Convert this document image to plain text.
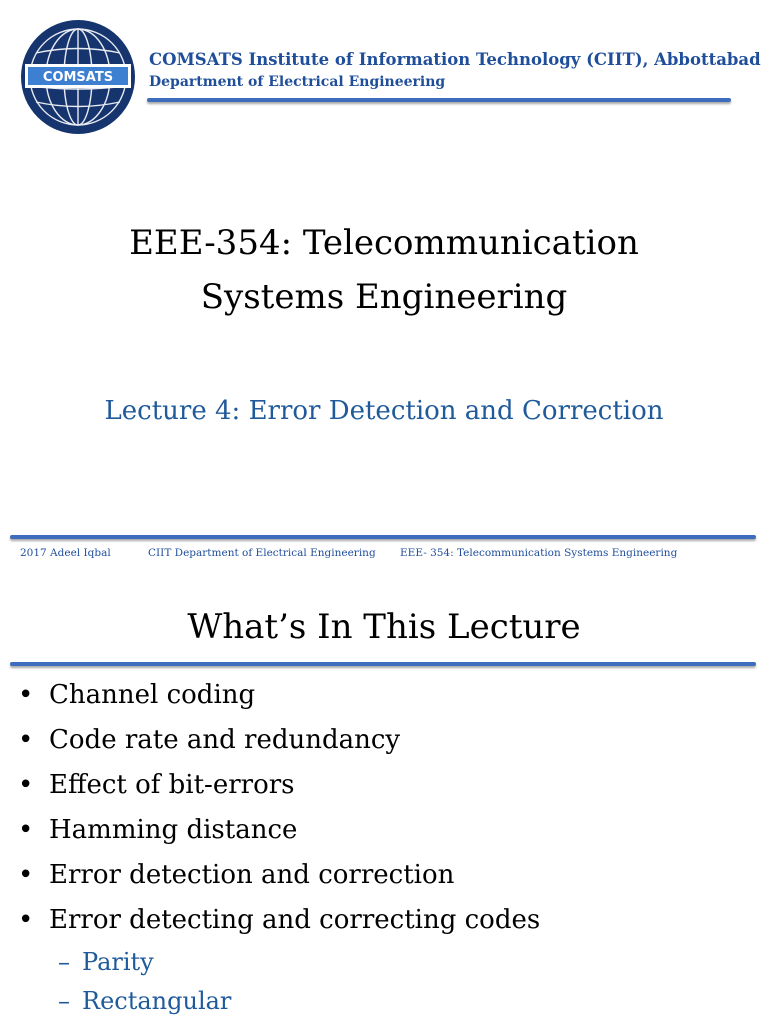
COMSATS
COMSATS Institute of Information Technology (CIIT), Abbottabad
Department of Electrical Engineering
EEE-354: Telecommunication
Systems Engineering
Lecture 4: Error Detection and Correction
2017 Adeel Iqbal	CIIT Department of Electrical Engineering EEE- 354: Telecommunication Systems Engineering
What’s In This Lecture
• Channel coding
• Code rate and redundancy
• Effect of bit-errors
• Hamming distance
• Error detection and correction
• Error detecting and correcting codes
– Parity
– Rectangular
